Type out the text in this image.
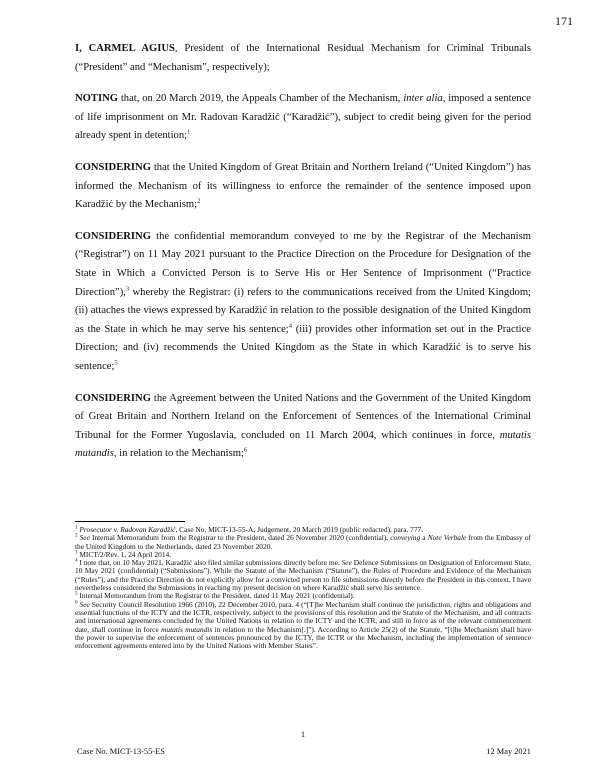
171

I, CARMEL AGIUS, President of the International Residual Mechanism for Criminal Tribunals (“President” and “Mechanism”, respectively);

NOTING that, on 20 March 2019, the Appeals Chamber of the Mechanism, inter alia, imposed a sentence of life imprisonment on Mr. Radovan Karadžić (“Karadžić”), subject to credit being given for the period already spent in detention;$^1$

CONSIDERING that the United Kingdom of Great Britain and Northern Ireland (“United Kingdom”) has informed the Mechanism of its willingness to enforce the remainder of the sentence imposed upon Karadžić by the Mechanism;$^2$

CONSIDERING the confidential memorandum conveyed to me by the Registrar of the Mechanism (“Registrar”) on 11 May 2021 pursuant to the Practice Direction on the Procedure for Designation of the State in Which a Convicted Person is to Serve His or Her Sentence of Imprisonment (“Practice Direction”),$^3$ whereby the Registrar: (i) refers to the communications received from the United Kingdom; (ii) attaches the views expressed by Karadžić in relation to the possible designation of the United Kingdom as the State in which he may serve his sentence;$^4$ (iii) provides other information set out in the Practice Direction; and (iv) recommends the United Kingdom as the State in which Karadžić is to serve his sentence;$^5$

CONSIDERING the Agreement between the United Nations and the Government of the United Kingdom of Great Britain and Northern Ireland on the Enforcement of Sentences of the International Criminal Tribunal for the Former Yugoslavia, concluded on 11 March 2004, which continues in force, mutatis mutandis, in relation to the Mechanism;$^6$

$^1$ Prosecutor v. Radovan Karadžić, Case No. MICT-13-55-A, Judgement, 20 March 2019 (public redacted), para. 777.

$^2$ See Internal Memorandum from the Registrar to the President, dated 26 November 2020 (confidential), conveying a Note Verbale from the Embassy of the United Kingdom to the Netherlands, dated 23 November 2020.

$^3$ MICT/2/Rev. 1, 24 April 2014.

$^4$ I note that, on 10 May 2021, Karadžić also filed similar submissions directly before me. See Defence Submissions on Designation of Enforcement State, 10 May 2021 (confidential) (“Submissions”). While the Statute of the Mechanism (“Statute”), the Rules of Procedure and Evidence of the Mechanism (“Rules”), and the Practice Direction do not explicitly allow for a convicted person to file submissions directly before the President in this context, I have nevertheless considered the Submissions in reaching my present decision on where Karadžić shall serve his sentence.

$^5$ Internal Memorandum from the Registrar to the President, dated 11 May 2021 (confidential).

$^6$ See Security Council Resolution 1966 (2010), 22 December 2010, para. 4 (“[T]he Mechanism shall continue the jurisdiction, rights and obligations and essential functions of the ICTY and the ICTR, respectively, subject to the provisions of this resolution and the Statute of the Mechanism, and all contracts and international agreements concluded by the United Nations in relation to the ICTY and the ICTR, and still in force as of the relevant commencement date, shall continue in force mutatis mutandis in relation to the Mechanism[.]”). According to Article 25(2) of the Statute, “[t]he Mechanism shall have the power to supervise the enforcement of sentences pronounced by the ICTY, the ICTR or the Mechanism, including the implementation of sentence enforcement agreements entered into by the United Nations with Member States”.

1
Case No. MICT-13-55-ES	12 May 2021
